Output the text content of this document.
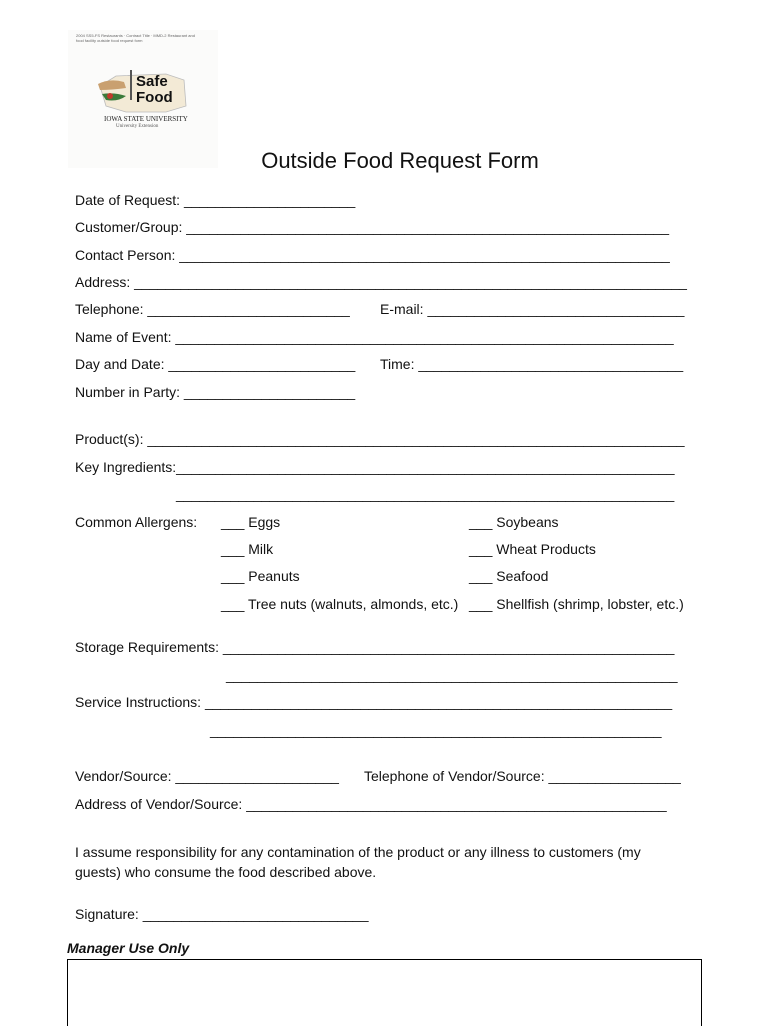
2004 SS5-FS Restaurants · Contract Title · MMD-2 Restaurant and food facility outside food request form
Safe
Food
IOWA STATE UNIVERSITY
University Extension
Outside Food Request Form
Date of Request: ______________________
Customer/Group: ______________________________________________________________
Contact Person: _______________________________________________________________
Address: _______________________________________________________________________
Telephone: __________________________ E-mail: _________________________________
Name of Event: ________________________________________________________________
Day and Date: ________________________ Time: __________________________________
Number in Party: ______________________
Product(s): _____________________________________________________________________
Key Ingredients:________________________________________________________________
________________________________________________________________
Common Allergens: ___ Eggs
___ Milk
___ Peanuts
___ Tree nuts (walnuts, almonds, etc.)
___ Soybeans
___ Wheat Products
___ Seafood
___ Shellfish (shrimp, lobster, etc.)
Storage Requirements: __________________________________________________________
__________________________________________________________
Service Instructions: ____________________________________________________________
__________________________________________________________
Vendor/Source: _____________________ Telephone of Vendor/Source: _________________
Address of Vendor/Source: ______________________________________________________
I assume responsibility for any contamination of the product or any illness to customers (my guests) who consume the food described above.
Signature: _____________________________
Manager Use Only
